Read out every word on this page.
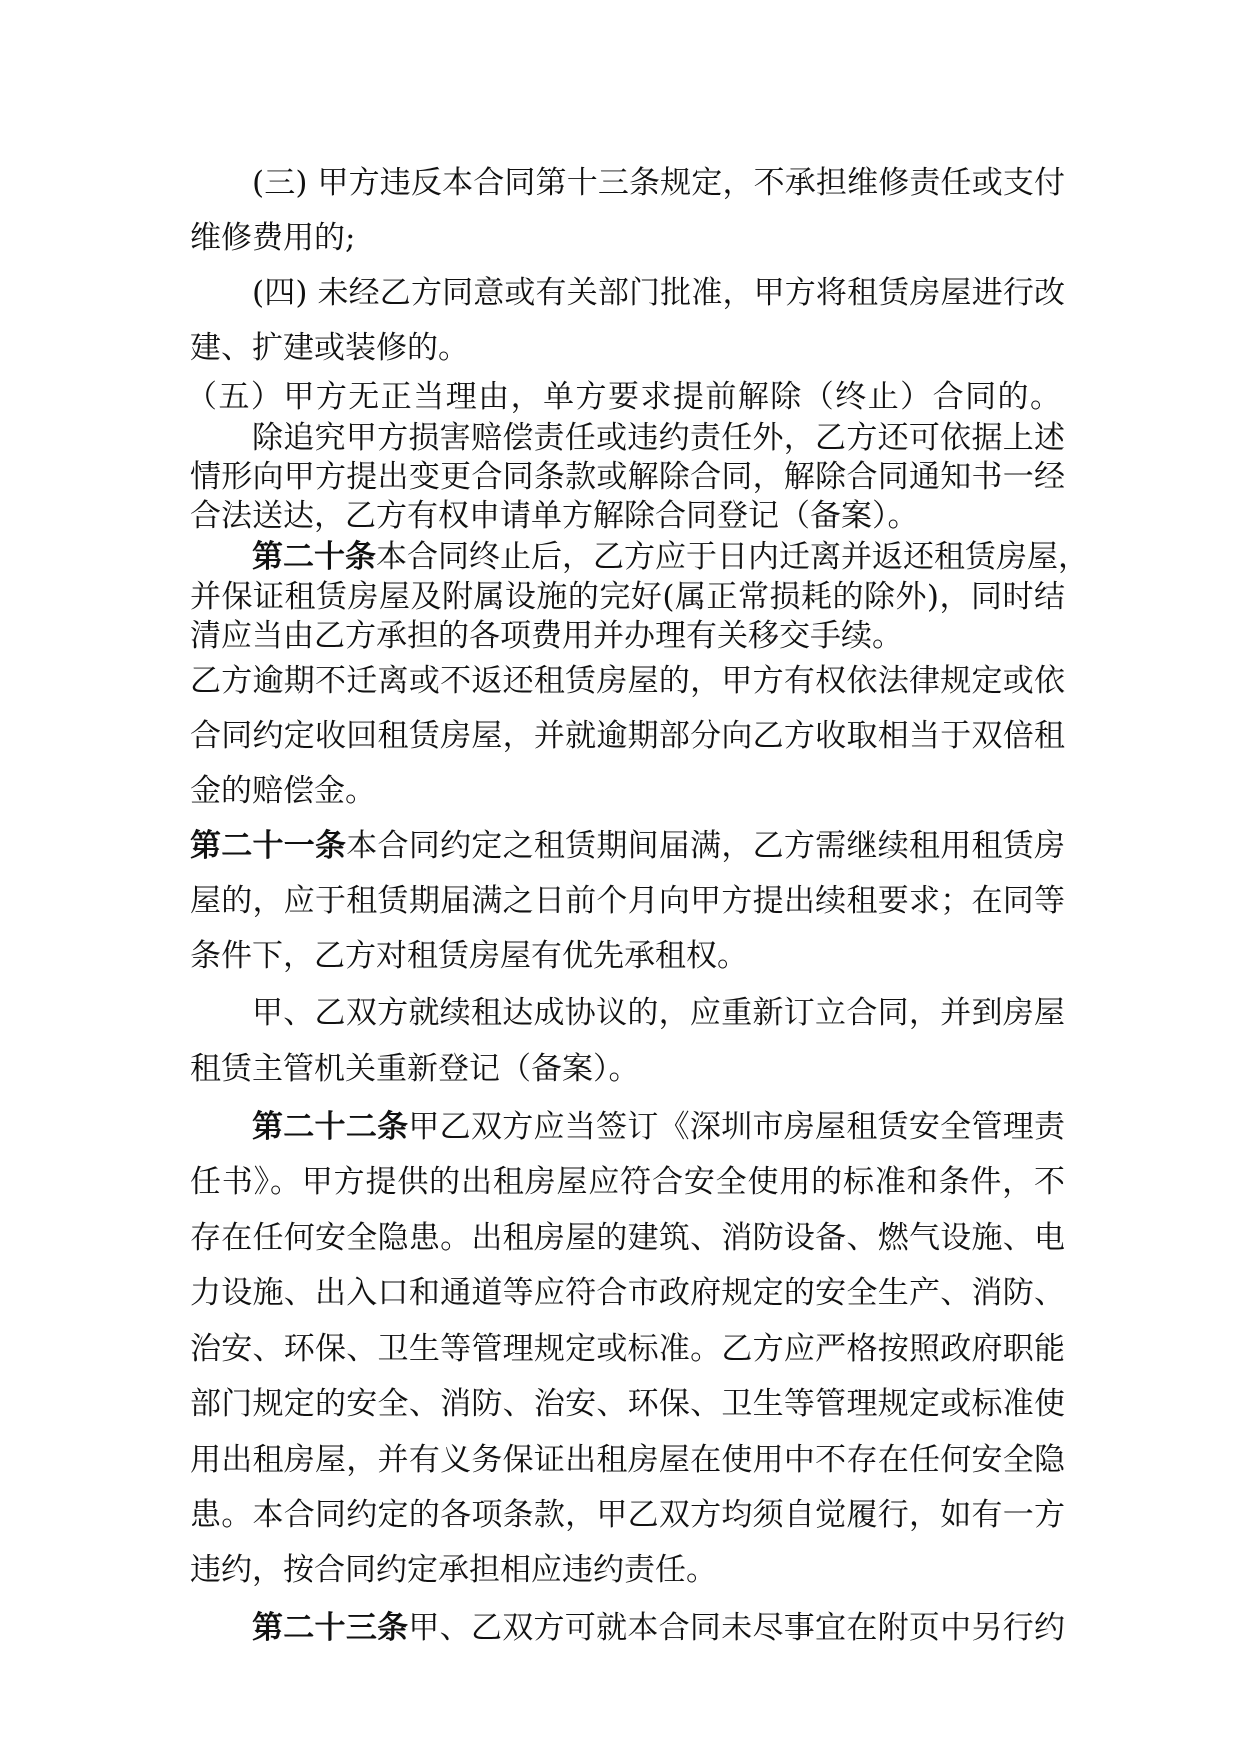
(三) 甲方违反本合同第十三条规定，不承担维修责任或支付
维修费用的;
(四) 未经乙方同意或有关部门批准，甲方将租赁房屋进行改
建、扩建或装修的。
（五）甲方无正当理由，单方要求提前解除（终止）合同的。
除追究甲方损害赔偿责任或违约责任外，乙方还可依据上述
情形向甲方提出变更合同条款或解除合同，解除合同通知书一经
合法送达，乙方有权申请单方解除合同登记（备案）。
第二十条本合同终止后，乙方应于日内迁离并返还租赁房屋，
并保证租赁房屋及附属设施的完好(属正常损耗的除外)，同时结
清应当由乙方承担的各项费用并办理有关移交手续。
乙方逾期不迁离或不返还租赁房屋的，甲方有权依法律规定或依
合同约定收回租赁房屋，并就逾期部分向乙方收取相当于双倍租
金的赔偿金。
第二十一条本合同约定之租赁期间届满，乙方需继续租用租赁房
屋的，应于租赁期届满之日前个月向甲方提出续租要求；在同等
条件下，乙方对租赁房屋有优先承租权。
甲、乙双方就续租达成协议的，应重新订立合同，并到房屋
租赁主管机关重新登记（备案）。
第二十二条甲乙双方应当签订《深圳市房屋租赁安全管理责
任书》。甲方提供的出租房屋应符合安全使用的标准和条件，不
存在任何安全隐患。出租房屋的建筑、消防设备、燃气设施、电
力设施、出入口和通道等应符合市政府规定的安全生产、消防、
治安、环保、卫生等管理规定或标准。乙方应严格按照政府职能
部门规定的安全、消防、治安、环保、卫生等管理规定或标准使
用出租房屋，并有义务保证出租房屋在使用中不存在任何安全隐
患。本合同约定的各项条款，甲乙双方均须自觉履行，如有一方
违约，按合同约定承担相应违约责任。
第二十三条甲、乙双方可就本合同未尽事宜在附页中另行约
